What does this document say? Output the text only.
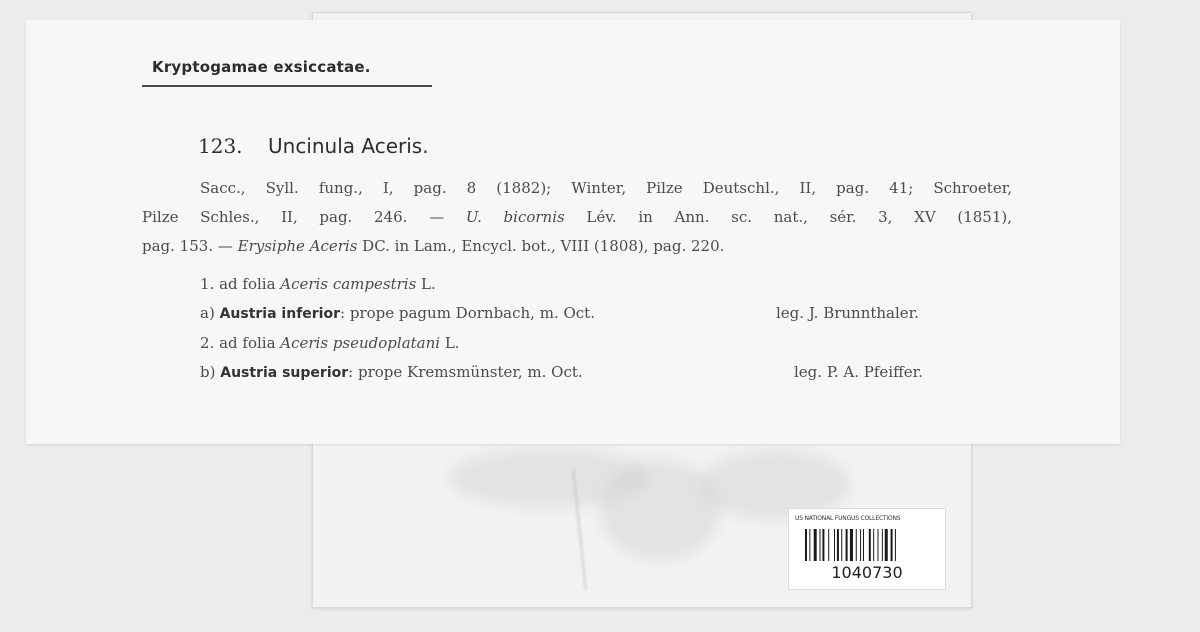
Kryptogamae exsiccatae.
123. Uncinula Aceris.
Sacc., Syll. fung., I, pag. 8 (1882); Winter, Pilze Deutschl., II, pag. 41; Schroeter,
Pilze Schles., II, pag. 246. — U. bicornis Lév. in Ann. sc. nat., sér. 3, XV (1851),
pag. 153. — Erysiphe Aceris DC. in Lam., Encycl. bot., VIII (1808), pag. 220.
1. ad folia Aceris campestris L.
a) Austria inferior: prope pagum Dornbach, m. Oct.	leg. J. Brunnthaler.
2. ad folia Aceris pseudoplatani L.
b) Austria superior: prope Kremsmünster, m. Oct.	leg. P. A. Pfeiffer.
US NATIONAL FUNGUS COLLECTIONS
1040730
